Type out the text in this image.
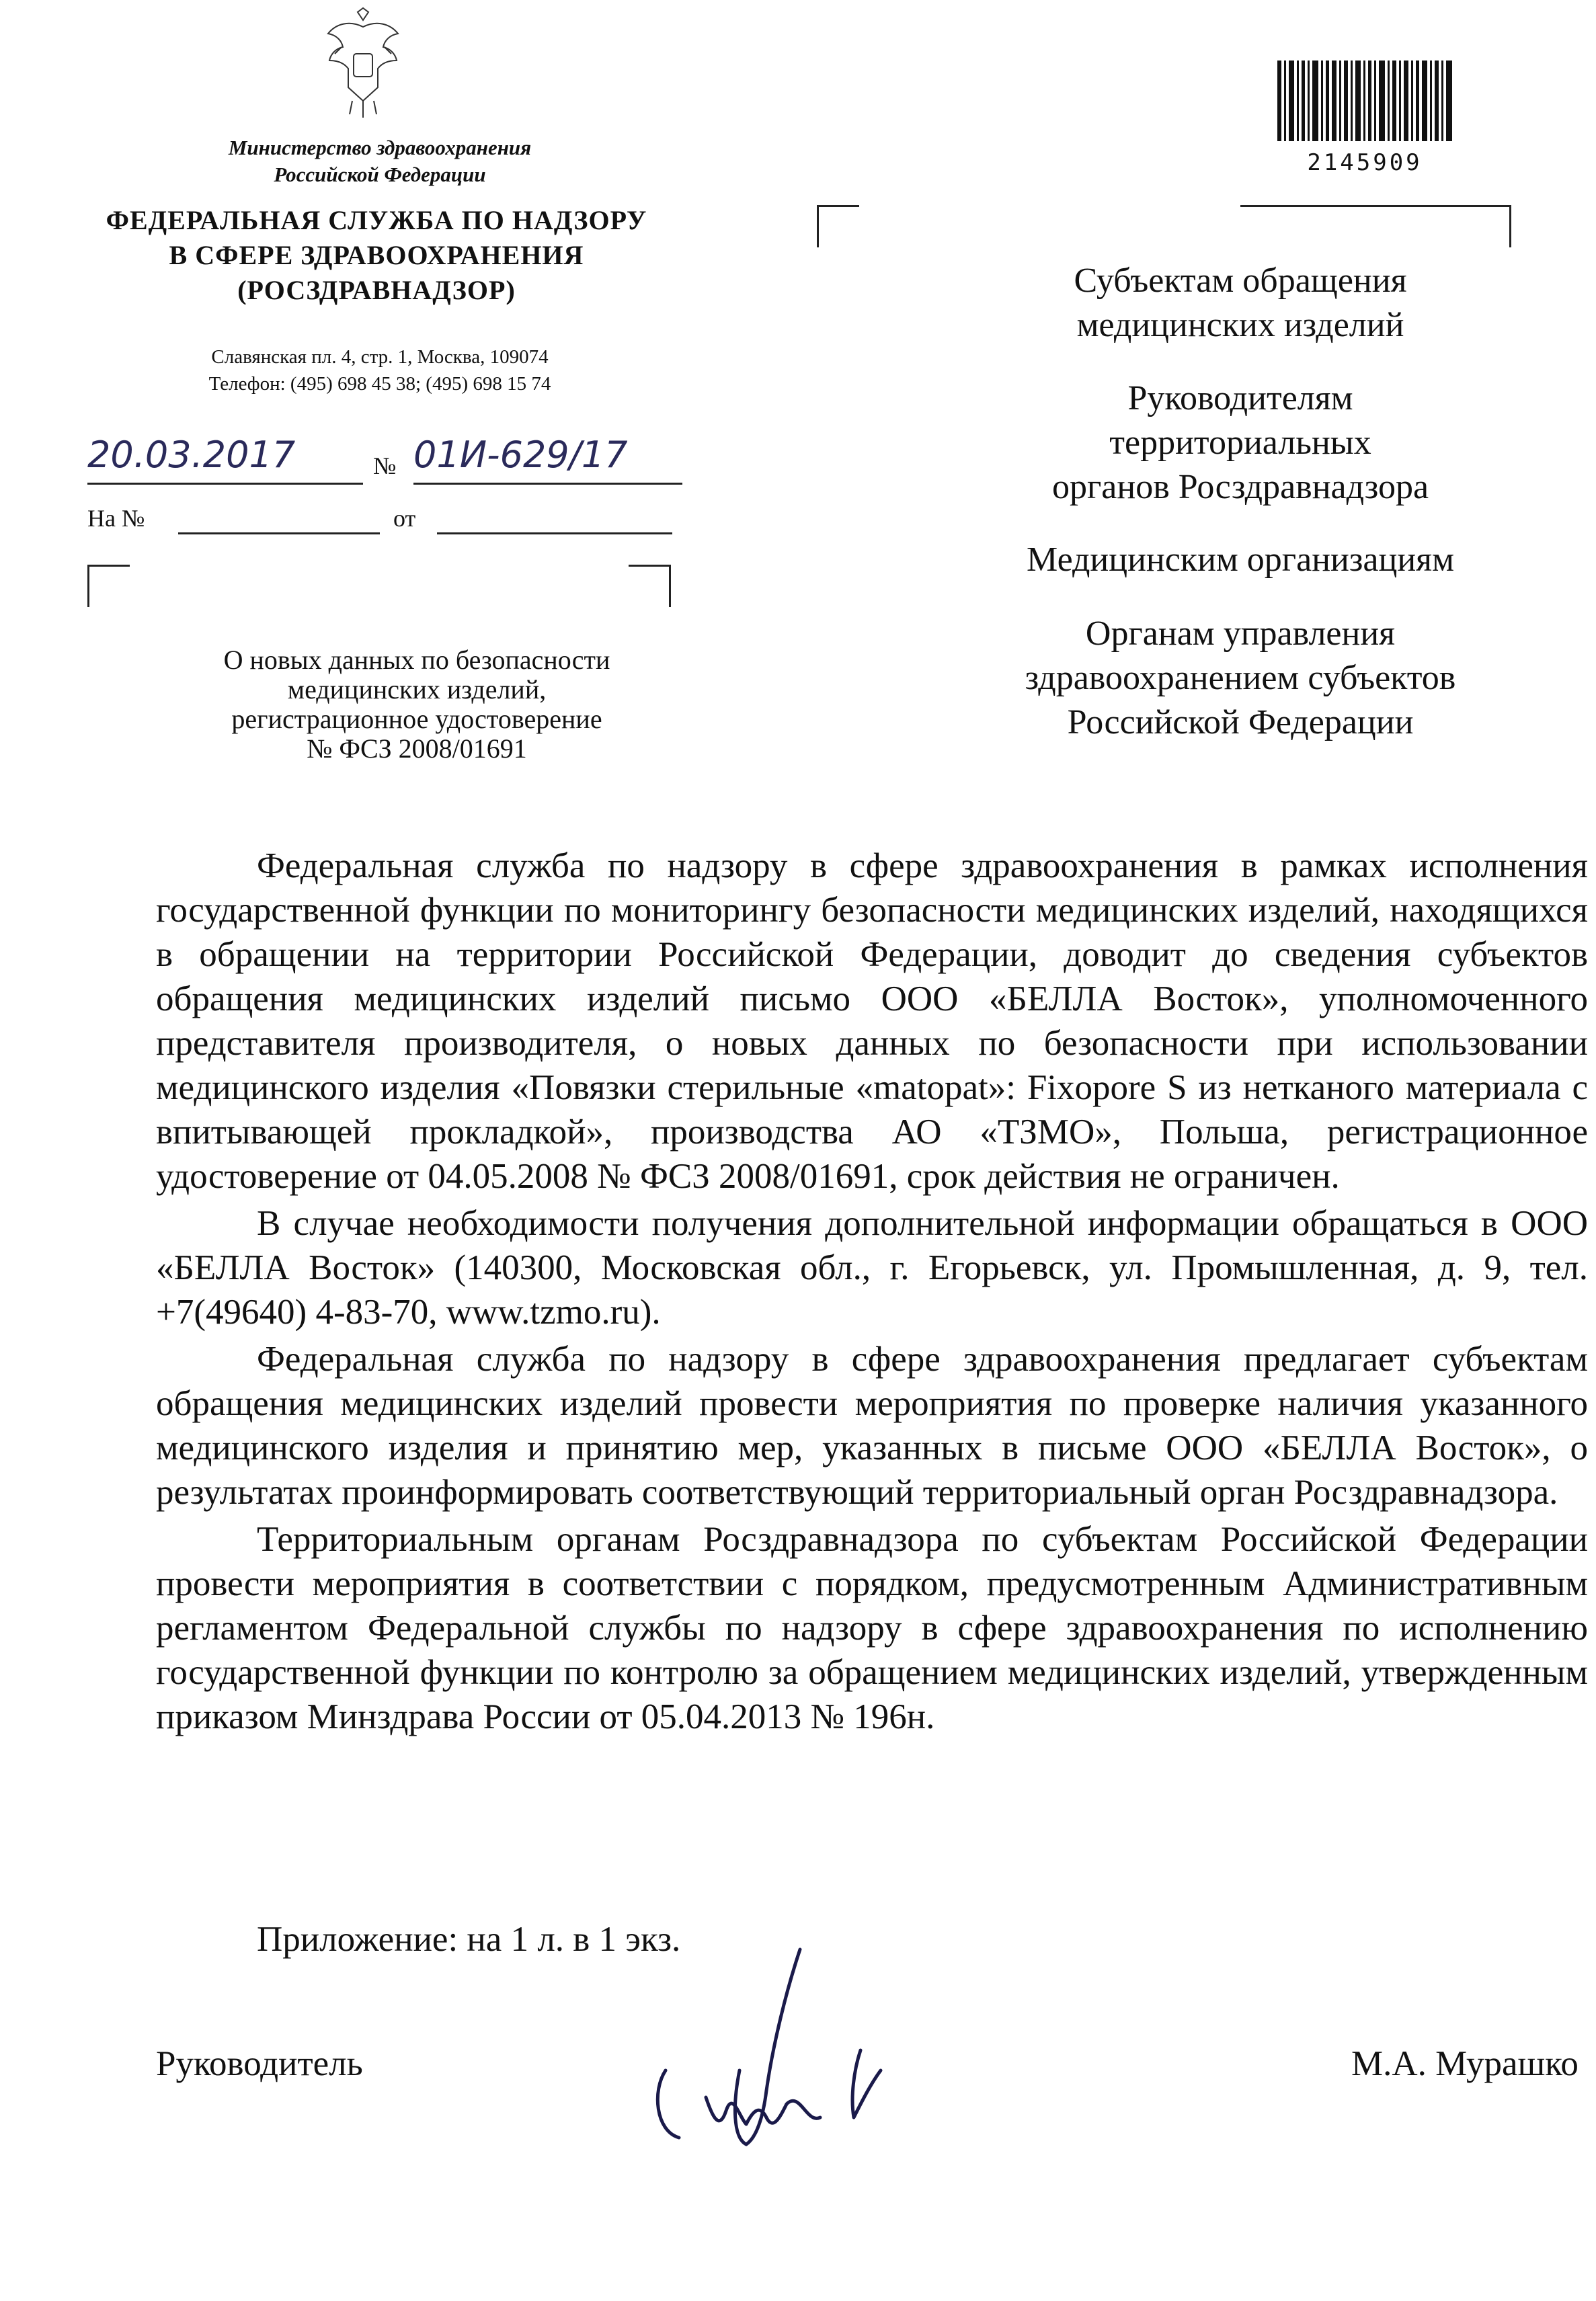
Министерство здравоохранения
Российской Федерации
ФЕДЕРАЛЬНАЯ СЛУЖБА ПО НАДЗОРУ
В СФЕРЕ ЗДРАВООХРАНЕНИЯ
(РОСЗДРАВНАДЗОР)
Славянская пл. 4, стр. 1, Москва, 109074
Телефон: (495) 698 45 38; (495) 698 15 74
20.03.2017	№ 01И-629/17
На №	от
О новых данных по безопасности
медицинских изделий,
регистрационное удостоверение
№ ФСЗ 2008/01691
2145909
Субъектам обращения
медицинских изделий
Руководителям
территориальных
органов Росздравнадзора
Медицинским организациям
Органам управления
здравоохранением субъектов
Российской Федерации

Федеральная служба по надзору в сфере здравоохранения в рамках исполнения государственной функции по мониторингу безопасности медицинских изделий, находящихся в обращении на территории Российской Федерации, доводит до сведения субъектов обращения медицинских изделий письмо ООО «БЕЛЛА Восток», уполномоченного представителя производителя, о новых данных по безопасности при использовании медицинского изделия «Повязки стерильные «matopat»: Fixopore S из нетканого материала с впитывающей прокладкой», производства АО «ТЗМО», Польша, регистрационное удостоверение от 04.05.2008 № ФСЗ 2008/01691, срок действия не ограничен.

В случае необходимости получения дополнительной информации обращаться в ООО «БЕЛЛА Восток» (140300, Московская обл., г. Егорьевск, ул. Промышленная, д. 9, тел. +7(49640) 4-83-70, www.tzmo.ru).

Федеральная служба по надзору в сфере здравоохранения предлагает субъектам обращения медицинских изделий провести мероприятия по проверке наличия указанного медицинского изделия и принятию мер, указанных в письме ООО «БЕЛЛА Восток», о результатах проинформировать соответствующий территориальный орган Росздравнадзора.

Территориальным органам Росздравнадзора по субъектам Российской Федерации провести мероприятия в соответствии с порядком, предусмотренным Административным регламентом Федеральной службы по надзору в сфере здравоохранения по исполнению государственной функции по контролю за обращением медицинских изделий, утвержденным приказом Минздрава России от 05.04.2013 № 196н.

Приложение: на 1 л. в 1 экз.
Руководитель	М.А. Мурашко
